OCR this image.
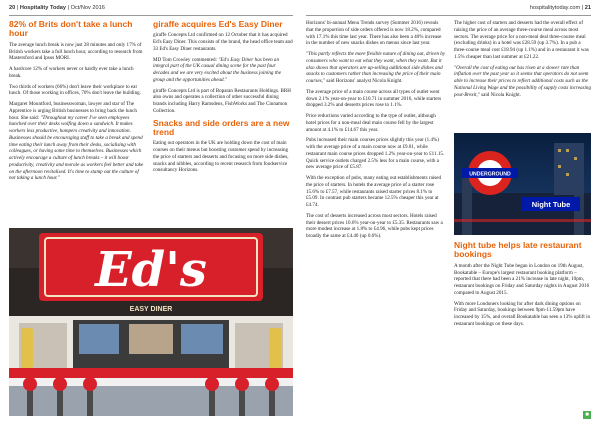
20 | Hospitality Today | Oct/Nov 2016	hospitalitytoday.com | 21
82% of Brits don't take a lunch hour

The average lunch break is now just 28 minutes and only 17% of British workers take a full lunch hour, according to research from Mastersford and Ipsos MORI.

A hardcore 12% of workers never or hardly ever take a lunch break.

Two thirds of workers (66%) don't leave their workplace to eat lunch. Of those working in offices, 70% don't leave the building.

Margaret Mountford, businesswoman, lawyer and star of The Apprentice is urging British businesses to bring back the lunch hour. She said: "Throughout my career I've seen employees hunched over their desks wolfing down a sandwich. It makes workers less productive, hampers creativity and innovation. Businesses should be encouraging staff to take a break and spend time eating their lunch away from their desks, socialising with colleagues, or having some time to themselves. Businesses which actively encourage a culture of lunch breaks – it will boost productivity, creativity and morale as workers feel better and take on the afternoon revitalised. It's time to stamp out the culture of not taking a lunch hour."

giraffe acquires Ed's Easy Diner

giraffe Concepts Ltd confirmed on 12 October that it has acquired Ed's Easy Diner. This consists of the brand, the head office team and 33 Ed's Easy Diner restaurants.

MD Tom Crowley commented: "Ed's Easy Diner has been an integral part of the UK casual dining scene for the past four decades and we are very excited about the business joining the group and the opportunities ahead."

giraffe Concepts Ltd is part of Boparan Restaurants Holdings. BRH also owns and operates a collection of other successful dining brands including Harry Ramsdens, FishWorks and The Cinnamon Collection.

Snacks and side orders are a new trend

Eating out operators in the UK are holding down the cost of main courses on their menus but boosting customer spend by increasing the price of starters and desserts and focusing on more side dishes, snacks and nibbles, according to recent research from foodservice consultancy Horizons.

Ed's
EASY DINER

Horizons' bi-annual Menu Trends survey (Summer 2016) reveals that the proportion of side orders offered is now 18.2%, compared with 17.1% this time last year. There has also been a 40% increase in the number of new snacks dishes on menus since last year.

"This partly reflects the more flexible nature of dining out, driven by consumers who want to eat what they want, when they want. But it also shows that operators are up-selling additional side dishes and snacks to customers rather than increasing the price of their main courses," said Horizons' analyst Nicola Knight.

The average price of a main course across all types of outlet went down 2.1% year-on-year to £10.71 in summer 2016, while starters dropped 3.2% and desserts prices rose to 1.1%.

Price reductions varied according to the type of outlet, although hotel prices for a non-meal deal main course fell by the largest amount at 4.1% to £14.67 this year.

Pubs increased their main courses prices slightly this year (1.4%) with the average price of a main course now at £9.81, while restaurant main course prices dropped 1.2% year-on-year to £11.15. Quick service outlets charged 2.5% less for a main course, with a new average price of £5.87.

With the exception of pubs, many eating out establishments raised the price of starters. In hotels the average price of a starter rose 15.6% to £7.57, while restaurants raised starter prices 8.1% to £5.09. In contrast pub starters became 12.5% cheaper this year at £4.74.

The cost of desserts increased across most sectors. Hotels raised their dessert prices 10.6% year-on-year to £5.35. Restaurants saw a more modest increase at 1.8% to £4.96, while pubs kept prices broadly the same at £4.40 (up 0.6%).

The higher cost of starters and desserts had the overall effect of raising the price of an average three-course meal across most sectors. The average price for a non-meal deal three-course meal (excluding drinks) in a hotel was £28.59 (up 3.7%). In a pub a three-course meal cost £18.94 (up 1.1%) and in a restaurant it was 1.5% cheaper than last summer at £21.22.

"Overall the cost of eating out has risen at a slower rate than inflation over the past year so it seems that operators do not seem able to increase their prices to reflect additional costs such as the National Living Wage and the possibility of supply costs increasing post-Brexit," said Nicola Knight.

UNDERGROUND
Night Tube
Night tube helps late restaurant bookings

A month after the Night Tube began in London on 19th August, Bookatable – Europe's largest restaurant booking platform – reported that there had been a 21% increase in late night, 10pm, restaurant bookings on Friday and Saturday nights in August 2016 compared to August 2015.

With more Londoners looking for after dark dining options on Friday and Saturday, bookings between 9pm-11.59pm have increased by 15%, and overall Bookatable has seen a 13% uplift in restaurant bookings on these days.

■
